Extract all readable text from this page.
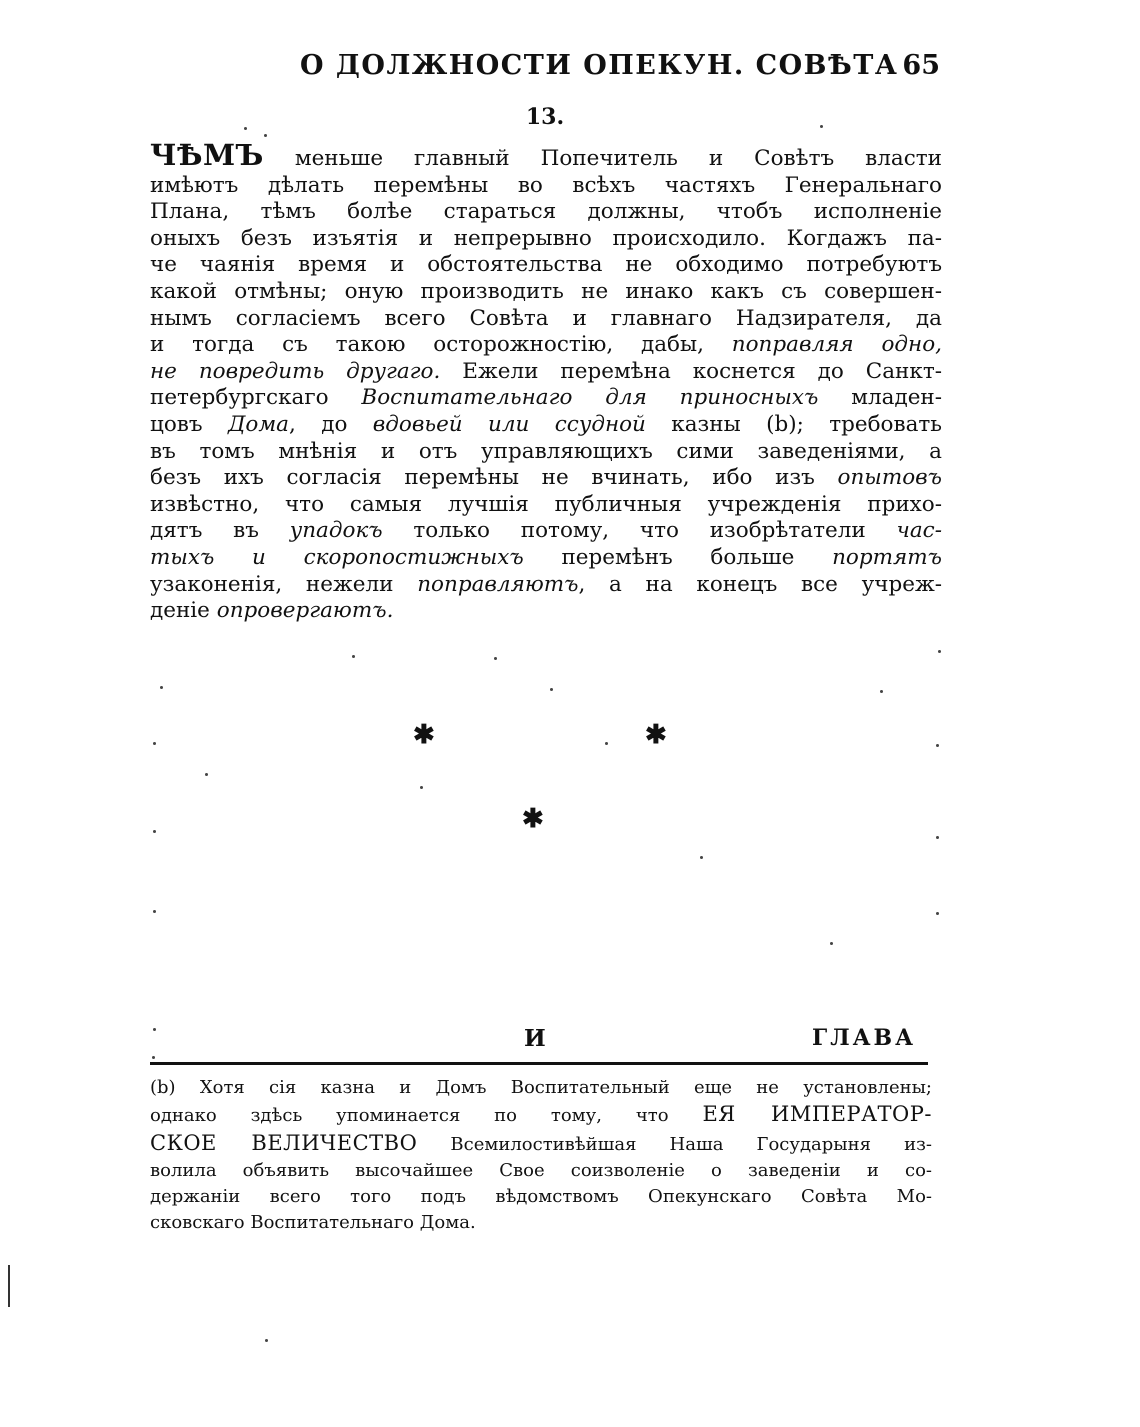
О ДОЛЖНОСТИ ОПЕКУН. СОВѢТА 65
13.
ЧѢМЪ меньше главный Попечитель и Совѣтъ власти
имѣютъ дѣлать перемѣны во всѣхъ частяхъ Генеральнаго
Плана, тѣмъ болѣе стараться должны, чтобъ исполненіе
оныхъ безъ изъятія и непрерывно происходило. Когдажъ па-
че чаянія время и обстоятельства не обходимо потребуютъ
какой отмѣны; оную производить не инако какъ съ совершен-
нымъ согласіемъ всего Совѣта и главнаго Надзирателя, да
и тогда съ такою осторожностію, дабы, поправляя одно,
не повредить другаго. Ежели перемѣна коснется до Санкт-
петербургскаго Воспитательнаго для приносныхъ младен-
цовъ Дома, до вдовьей или ссудной казны (b); требовать
въ томъ мнѣнія и отъ управляющихъ сими заведеніями, а
безъ ихъ согласія перемѣны не вчинать, ибо изъ опытовъ
извѣстно, что самыя лучшія публичныя учрежденія прихо-
дятъ въ упадокъ только потому, что изобрѣтатели час-
тыхъ и скоропостижныхъ перемѣнъ больше портятъ
узаконенія, нежели поправляютъ, а на конецъ все учреж-
деніе опровергаютъ.
✱	✱
✱
И	ГЛАВА
(b) Хотя сія казна и Домъ Воспитательный еще не установлены;
однако здѣсь упоминается по тому, что ЕЯ ИМПЕРАТОР-
СКОЕ ВЕЛИЧЕСТВО Всемилостивѣйшая Наша Государыня из-
волила объявить высочайшее Свое соизволеніе о заведеніи и со-
держаніи всего того подъ вѣдомствомъ Опекунскаго Совѣта Мо-
сковскаго Воспитательнаго Дома.
